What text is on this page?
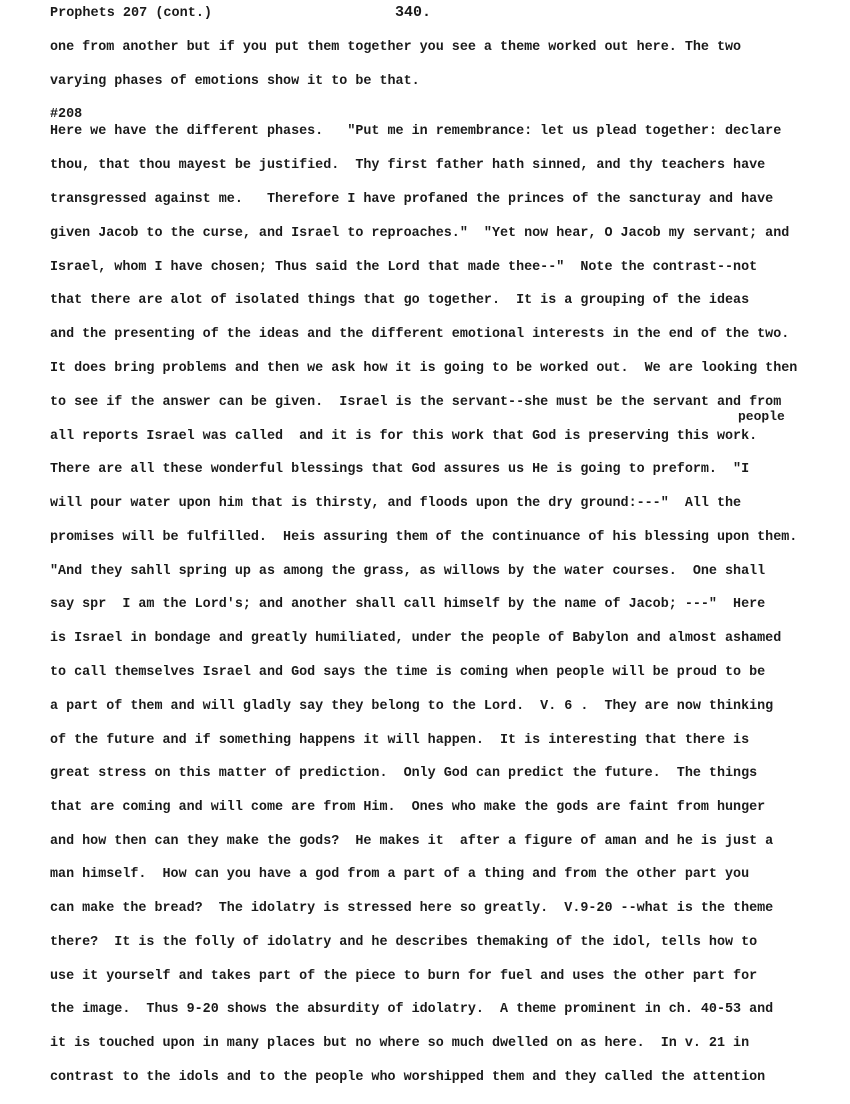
Prophets 207 (cont.)	340.
one from another but if you put them together you see a theme worked out here. The two
varying phases of emotions show it to be that.
#208
people
Here we have the different phases.   "Put me in remembrance: let us plead together: declare
thou, that thou mayest be justified.  Thy first father hath sinned, and thy teachers have
transgressed against me.   Therefore I have profaned the princes of the sancturay and have
given Jacob to the curse, and Israel to reproaches."  "Yet now hear, O Jacob my servant; and
Israel, whom I have chosen; Thus said the Lord that made thee--"  Note the contrast--not
that there are alot of isolated things that go together.  It is a grouping of the ideas
and the presenting of the ideas and the different emotional interests in the end of the two.
It does bring problems and then we ask how it is going to be worked out.  We are looking then
to see if the answer can be given.  Israel is the servant--she must be the servant and from
all reports Israel was called  and it is for this work that God is preserving this work.
There are all these wonderful blessings that God assures us He is going to preform.  "I
will pour water upon him that is thirsty, and floods upon the dry ground:---"  All the
promises will be fulfilled.  Heis assuring them of the continuance of his blessing upon them.
"And they sahll spring up as among the grass, as willows by the water courses.  One shall
say spr  I am the Lord's; and another shall call himself by the name of Jacob; ---"  Here
is Israel in bondage and greatly humiliated, under the people of Babylon and almost ashamed
to call themselves Israel and God says the time is coming when people will be proud to be
a part of them and will gladly say they belong to the Lord.  V. 6 .  They are now thinking
of the future and if something happens it will happen.  It is interesting that there is
great stress on this matter of prediction.  Only God can predict the future.  The things
that are coming and will come are from Him.  Ones who make the gods are faint from hunger
and how then can they make the gods?  He makes it  after a figure of aman and he is just a
man himself.  How can you have a god from a part of a thing and from the other part you
can make the bread?  The idolatry is stressed here so greatly.  V.9-20 --what is the theme
there?  It is the folly of idolatry and he describes themaking of the idol, tells how to
use it yourself and takes part of the piece to burn for fuel and uses the other part for
the image.  Thus 9-20 shows the absurdity of idolatry.  A theme prominent in ch. 40-53 and
it is touched upon in many places but no where so much dwelled on as here.  In v. 21 in
contrast to the idols and to the people who worshipped them and they called the attention
